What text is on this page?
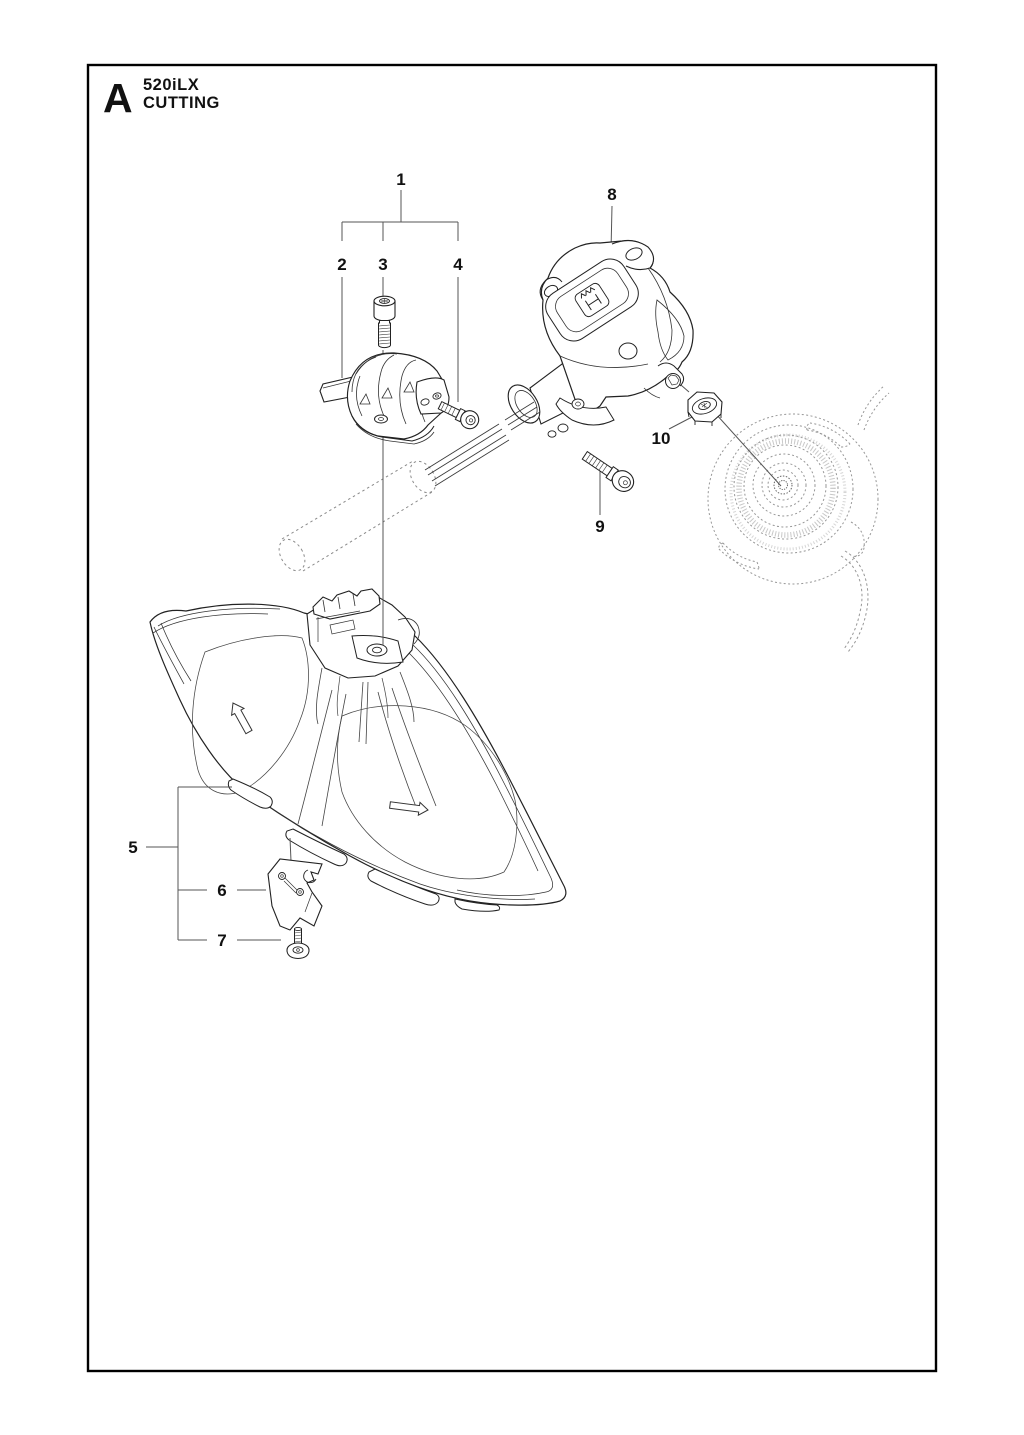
A 520iLX
CUTTING
1
2 3	4
5
6
7
8
9
10
